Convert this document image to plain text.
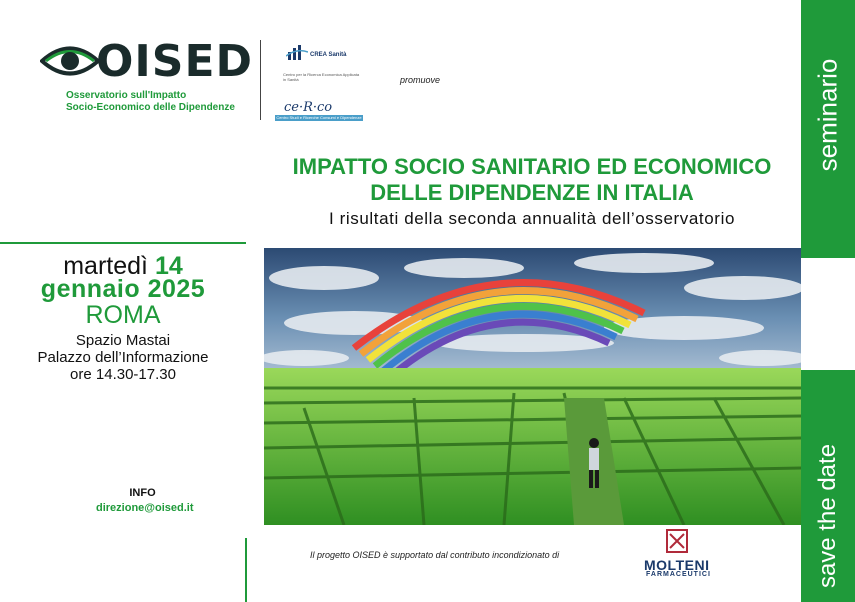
OISED
Osservatorio sull'Impatto
Socio-Economico delle Dipendenze
CREA Sanità
Centro per la Ricerca Economica Applicata in Sanità
ce·R·co
Centro Studi e Ricerche Consumi e Dipendenze
promuove	seminario
save the date
IMPATTO SOCIO SANITARIO ED ECONOMICO
DELLE DIPENDENZE IN ITALIA
I risultati della seconda annualità dell’osservatorio
martedì 14
gennaio 2025
ROMA
Spazio Mastai
Palazzo dell’Informazione
ore 14.30-17.30
INFO
direzione@oised.it
Il progetto OISED è supportato dal contributo incondizionato di
MOLTENI
FARMACEUTICI
